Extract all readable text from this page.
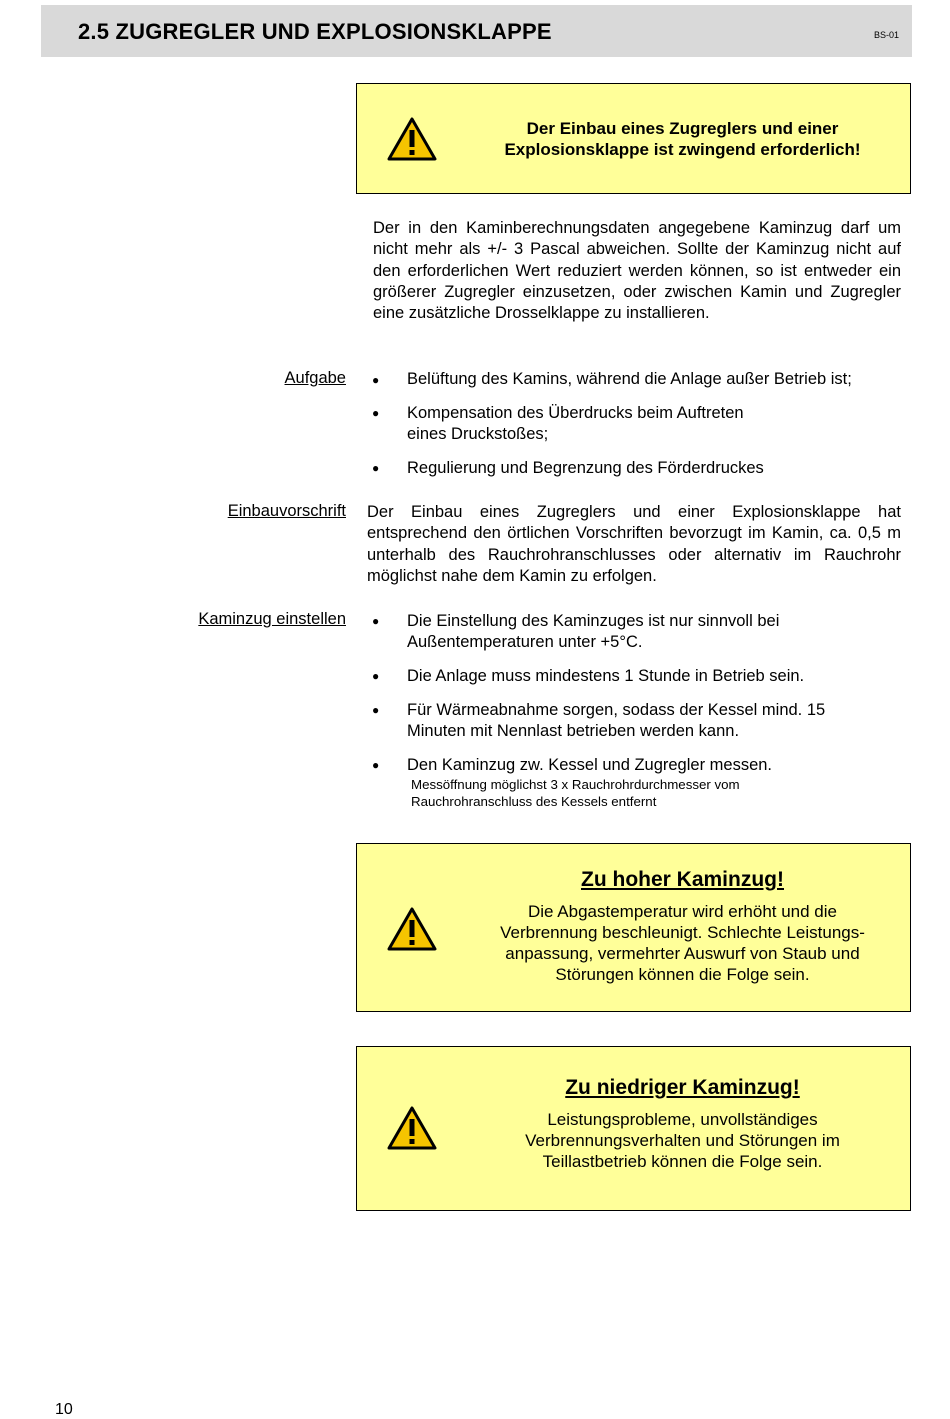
2.5 ZUGREGLER UND EXPLOSIONSKLAPPE	BS-01
Der Einbau eines Zugreglers und einer
Explosionsklappe ist zwingend erforderlich!
Der in den Kaminberechnungsdaten angegebene Kaminzug darf um nicht mehr als +/- 3 Pascal abweichen. Sollte der Kaminzug nicht auf den erforderlichen Wert reduziert werden können, so ist entweder ein größerer Zugregler einzusetzen, oder zwischen Kamin und Zugregler eine zusätzliche Drosselklappe zu installieren.
Aufgabe ● Belüftung des Kamins, während die Anlage außer Betrieb ist;
● Kompensation des Überdrucks beim Auftreten
eines Druckstoßes;
● Regulierung und Begrenzung des Förderdruckes
Einbauvorschrift Der Einbau eines Zugreglers und einer Explosionsklappe hat entsprechend den örtlichen Vorschriften bevorzugt im Kamin, ca. 0,5 m unterhalb des Rauchrohranschlusses oder alternativ im Rauchrohr möglichst nahe dem Kamin zu erfolgen.
Kaminzug einstellen ● Die Einstellung des Kaminzuges ist nur sinnvoll bei
Außentemperaturen unter +5°C.
● Die Anlage muss mindestens 1 Stunde in Betrieb sein.
● Für Wärmeabnahme sorgen, sodass der Kessel mind. 15
Minuten mit Nennlast betrieben werden kann.
● Den Kaminzug zw. Kessel und Zugregler messen.
Messöffnung möglichst 3 x Rauchrohrdurchmesser vom
Rauchrohranschluss des Kessels entfernt
Zu hoher Kaminzug!
Die Abgastemperatur wird erhöht und die
Verbrennung beschleunigt. Schlechte Leistungs-
anpassung, vermehrter Auswurf von Staub und
Störungen können die Folge sein.
Zu niedriger Kaminzug!
Leistungsprobleme, unvollständiges
Verbrennungsverhalten und Störungen im
Teillastbetrieb können die Folge sein.
10
